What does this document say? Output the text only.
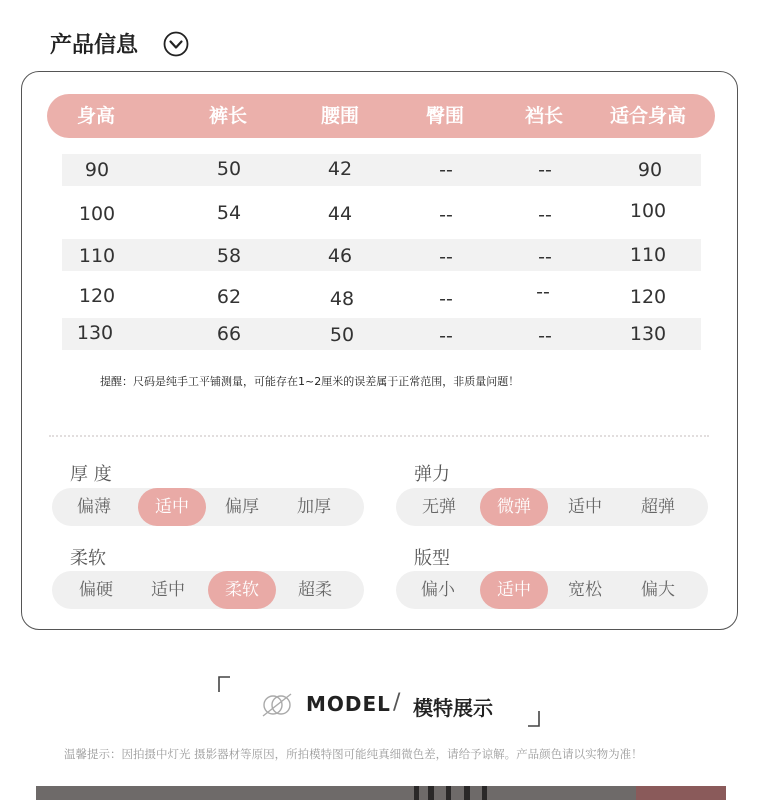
产品信息
身高	裤长	腰围	臀围	裆长 适合身高
90	50	42	--	--	90
100	54	44	--	--	100
110	58	46	--	--	110
120	62	48	--	--	120
130	66	50	--	--	130
提醒：尺码是纯手工平铺测量，可能存在1~2厘米的误差属于正常范围，非质量问题！
厚 度
偏薄	适中 偏厚 加厚
弹力
无弹 微弹 适中 超弹
柔软
偏硬 适中 柔软 超柔
版型
偏小 适中 宽松 偏大
MODEL / 模特展示
温馨提示：因拍摄中灯光 摄影器材等原因，所拍模特图可能纯真细微色差，请给予谅解。产品颜色请以实物为准！
